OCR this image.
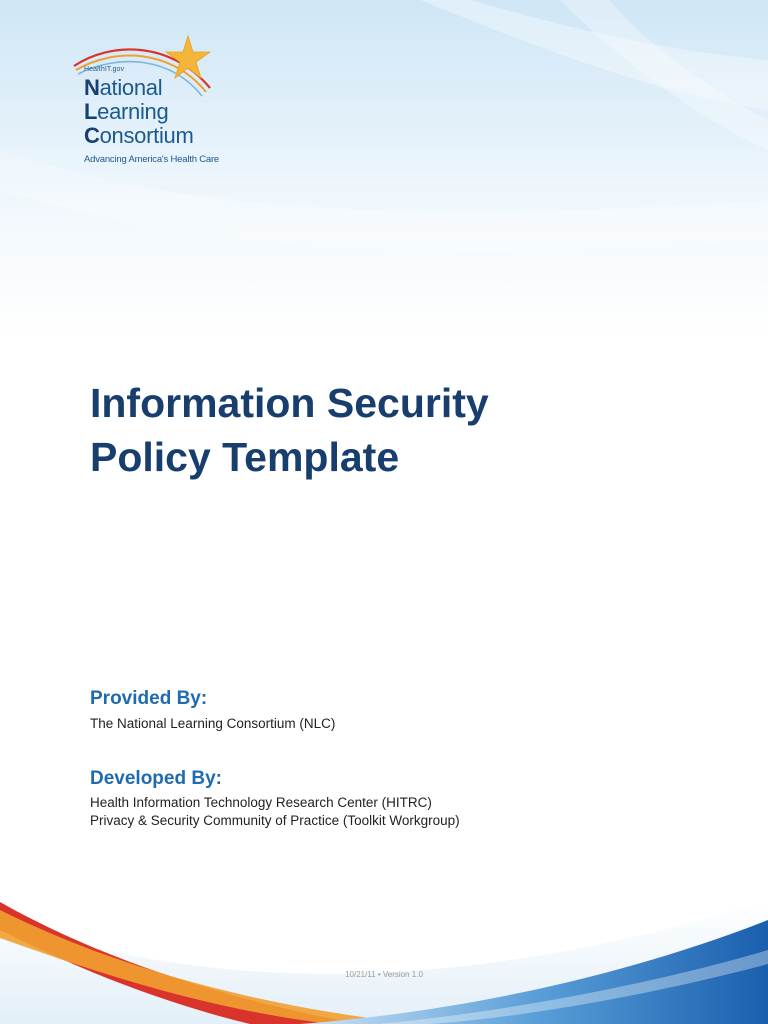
HealthIT.gov
National
Learning
Consortium
Advancing America's Health Care
Information Security
Policy Template
Provided By:

The National Learning Consortium (NLC)

Developed By:

Health Information Technology Research Center (HITRC)

Privacy & Security Community of Practice (Toolkit Workgroup)

10/21/11 • Version 1.0
